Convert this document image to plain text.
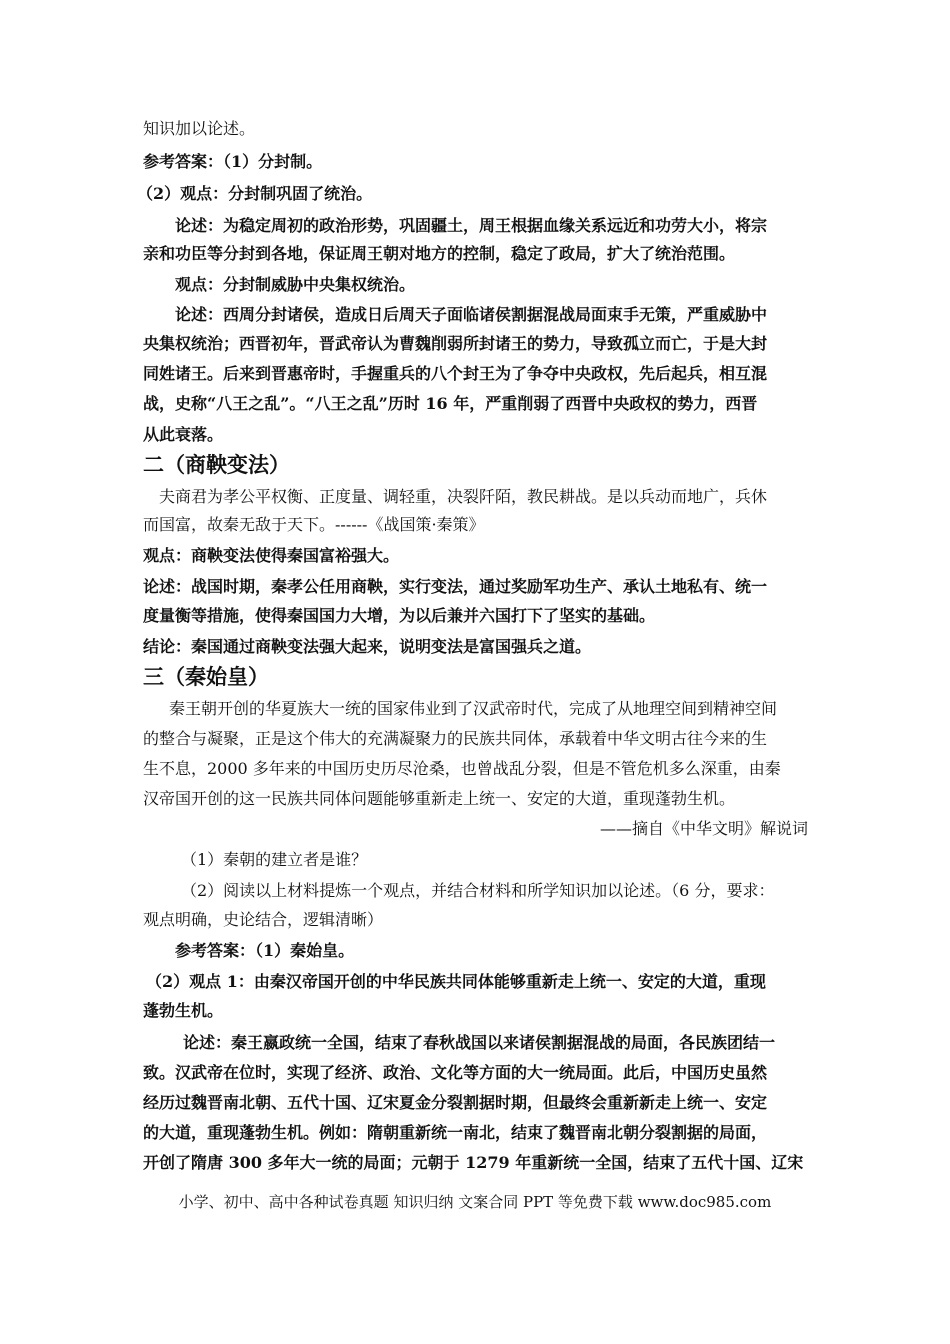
知识加以论述。
参考答案：（1）分封制。
（2）观点：分封制巩固了统治。
论述：为稳定周初的政治形势，巩固疆土，周王根据血缘关系远近和功劳大小，将宗
亲和功臣等分封到各地，保证周王朝对地方的控制，稳定了政局，扩大了统治范围。
观点：分封制威胁中央集权统治。
论述：西周分封诸侯，造成日后周天子面临诸侯割据混战局面束手无策，严重威胁中
央集权统治；西晋初年，晋武帝认为曹魏削弱所封诸王的势力，导致孤立而亡，于是大封
同姓诸王。后来到晋惠帝时，手握重兵的八个封王为了争夺中央政权，先后起兵，相互混
战，史称“八王之乱”。“八王之乱”历时 16 年，严重削弱了西晋中央政权的势力，西晋
从此衰落。
二（商鞅变法）
夫商君为孝公平权衡、正度量、调轻重，决裂阡陌，教民耕战。是以兵动而地广，兵休
而国富，故秦无敌于天下。------《战国策·秦策》
观点：商鞅变法使得秦国富裕强大。
论述：战国时期，秦孝公任用商鞅，实行变法，通过奖励军功生产、承认土地私有、统一
度量衡等措施，使得秦国国力大增，为以后兼并六国打下了坚实的基础。
结论：秦国通过商鞅变法强大起来，说明变法是富国强兵之道。
三（秦始皇）
秦王朝开创的华夏族大一统的国家伟业到了汉武帝时代，完成了从地理空间到精神空间
的整合与凝聚，正是这个伟大的充满凝聚力的民族共同体，承载着中华文明古往今来的生
生不息，2000 多年来的中国历史历尽沧桑，也曾战乱分裂，但是不管危机多么深重，由秦
汉帝国开创的这一民族共同体问题能够重新走上统一、安定的大道，重现蓬勃生机。
——摘自《中华文明》解说词
（1）秦朝的建立者是谁？
（2）阅读以上材料提炼一个观点，并结合材料和所学知识加以论述。（6 分，要求：
观点明确，史论结合，逻辑清晰）
参考答案：（1）秦始皇。
（2）观点 1：由秦汉帝国开创的中华民族共同体能够重新走上统一、安定的大道，重现
蓬勃生机。
论述：秦王嬴政统一全国，结束了春秋战国以来诸侯割据混战的局面，各民族团结一
致。汉武帝在位时，实现了经济、政治、文化等方面的大一统局面。此后，中国历史虽然
经历过魏晋南北朝、五代十国、辽宋夏金分裂割据时期，但最终会重新新走上统一、安定
的大道，重现蓬勃生机。例如：隋朝重新统一南北，结束了魏晋南北朝分裂割据的局面，
开创了隋唐 300 多年大一统的局面；元朝于 1279 年重新统一全国，结束了五代十国、辽宋
小学、初中、高中各种试卷真题 知识归纳 文案合同 PPT 等免费下载 www.doc985.com
